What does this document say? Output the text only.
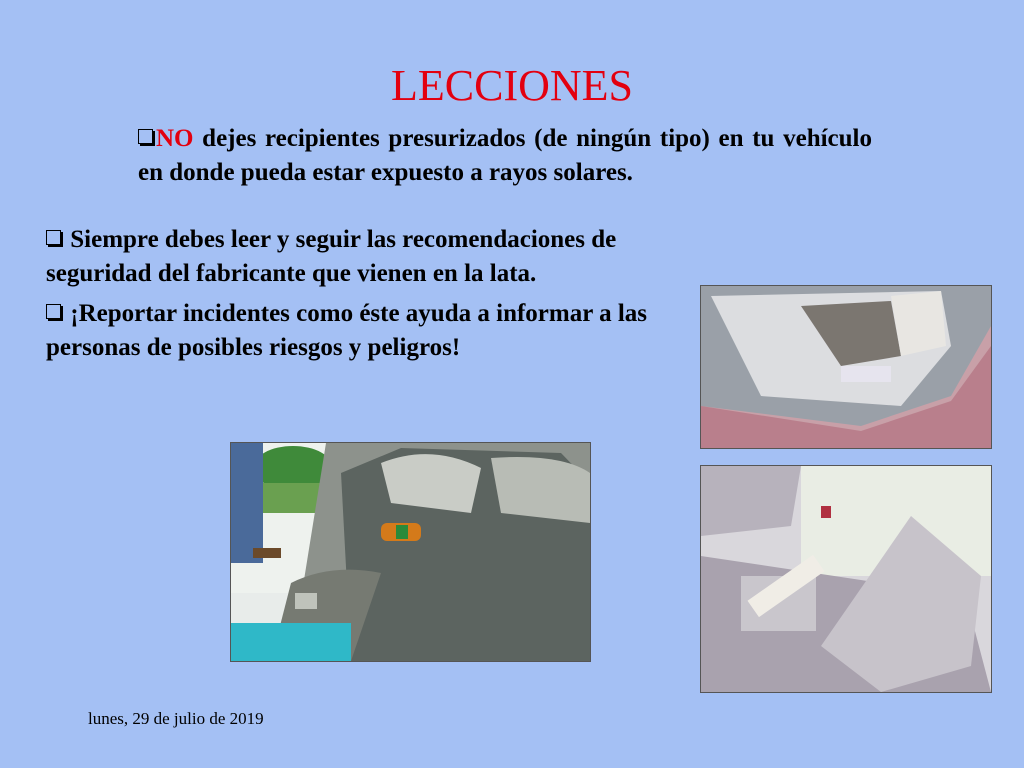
LECCIONES
NO dejes recipientes presurizados (de ningún tipo) en tu vehículo en donde pueda estar expuesto a rayos solares.
Siempre debes leer y seguir las recomendaciones de seguridad del fabricante que vienen en la lata.
¡Reportar incidentes como éste ayuda a informar a las personas de posibles riesgos y peligros!
lunes, 29 de julio de 2019
